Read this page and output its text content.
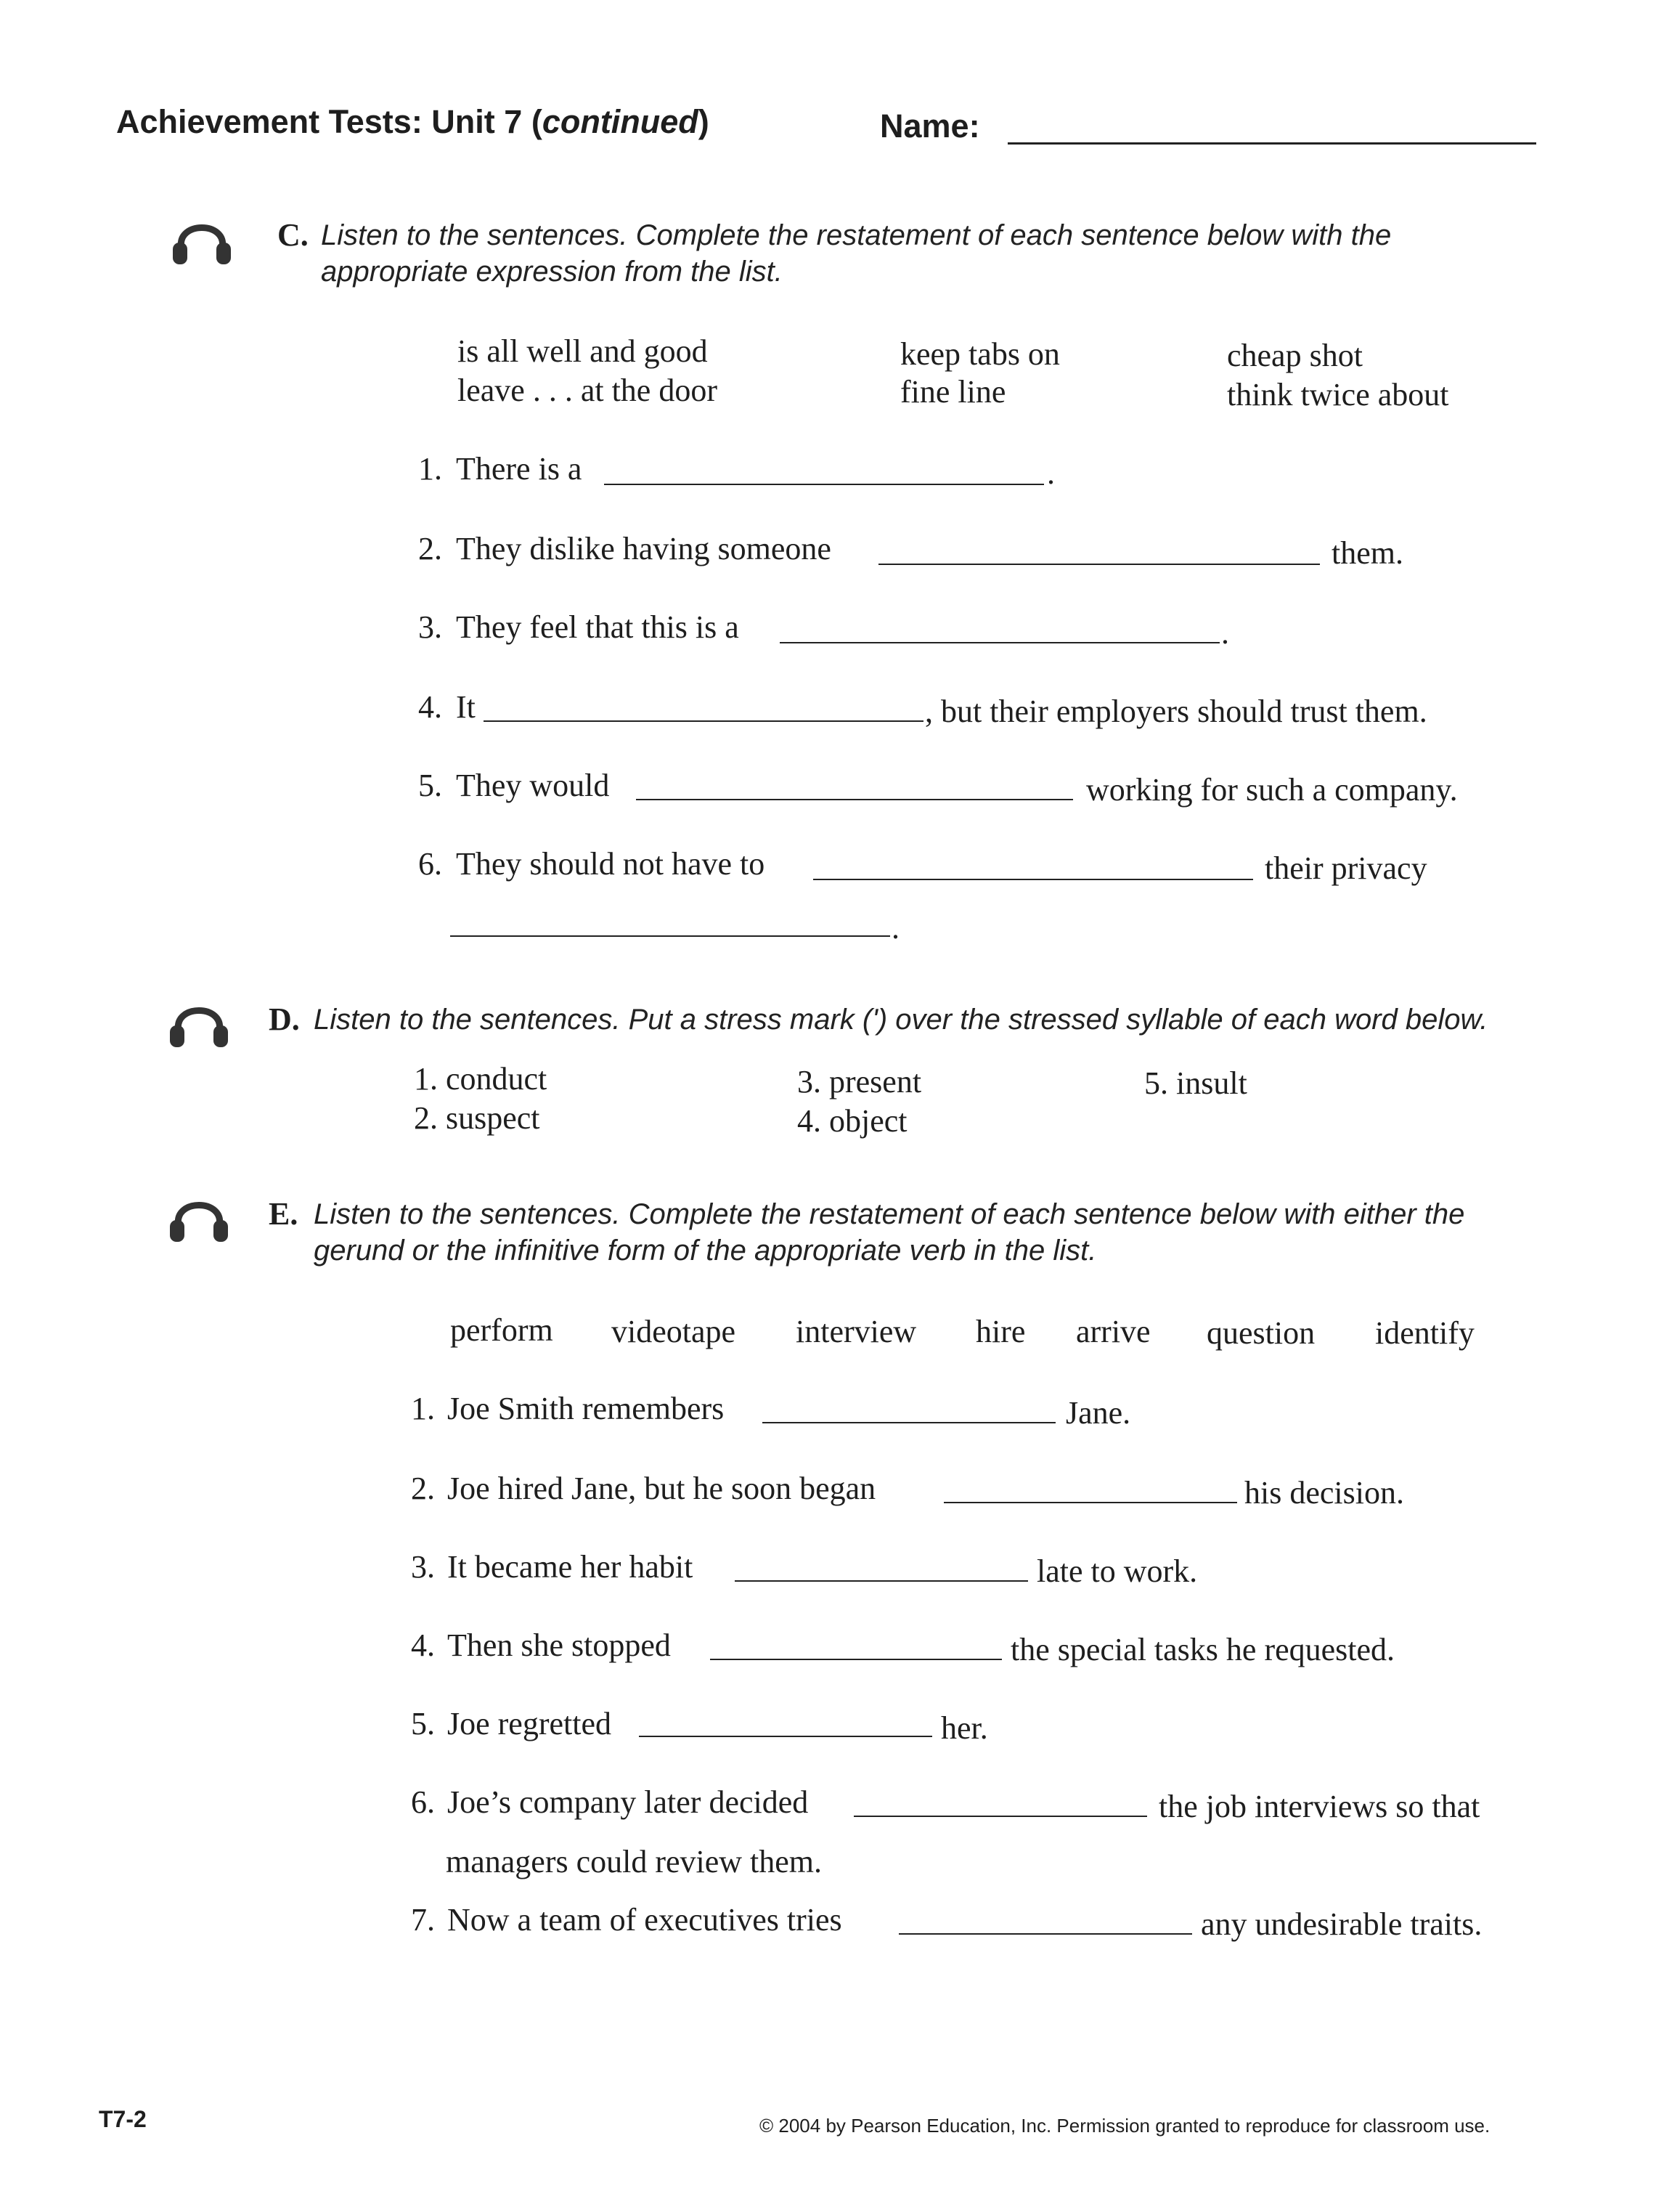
Achievement Tests: Unit 7 (continued)	Name:
C. Listen to the sentences. Complete the restatement of each sentence below with the
appropriate expression from the list.
is all well and good
leave . . . at the door
keep tabs on
fine line
cheap shot
think twice about
1. There is a	.
2. They dislike having someone	them.
3. They feel that this is a	.
4. It	, but their employers should trust them.
5. They would	working for such a company.
6. They should not have to	their privacy
.
D. Listen to the sentences. Put a stress mark (') over the stressed syllable of each word below.
1. conduct
2. suspect
3. present
4. object
5. insult
E. Listen to the sentences. Complete the restatement of each sentence below with either the
gerund or the infinitive form of the appropriate verb in the list.
perform videotape interview hire arrive question identify
1. Joe Smith remembers	Jane.
2. Joe hired Jane, but he soon began	his decision.
3. It became her habit	late to work.
4. Then she stopped	the special tasks he requested.
5. Joe regretted	her.
6. Joe’s company later decided	the job interviews so that
managers could review them.
7. Now a team of executives tries	any undesirable traits.
T7-2	© 2004 by Pearson Education, Inc. Permission granted to reproduce for classroom use.
